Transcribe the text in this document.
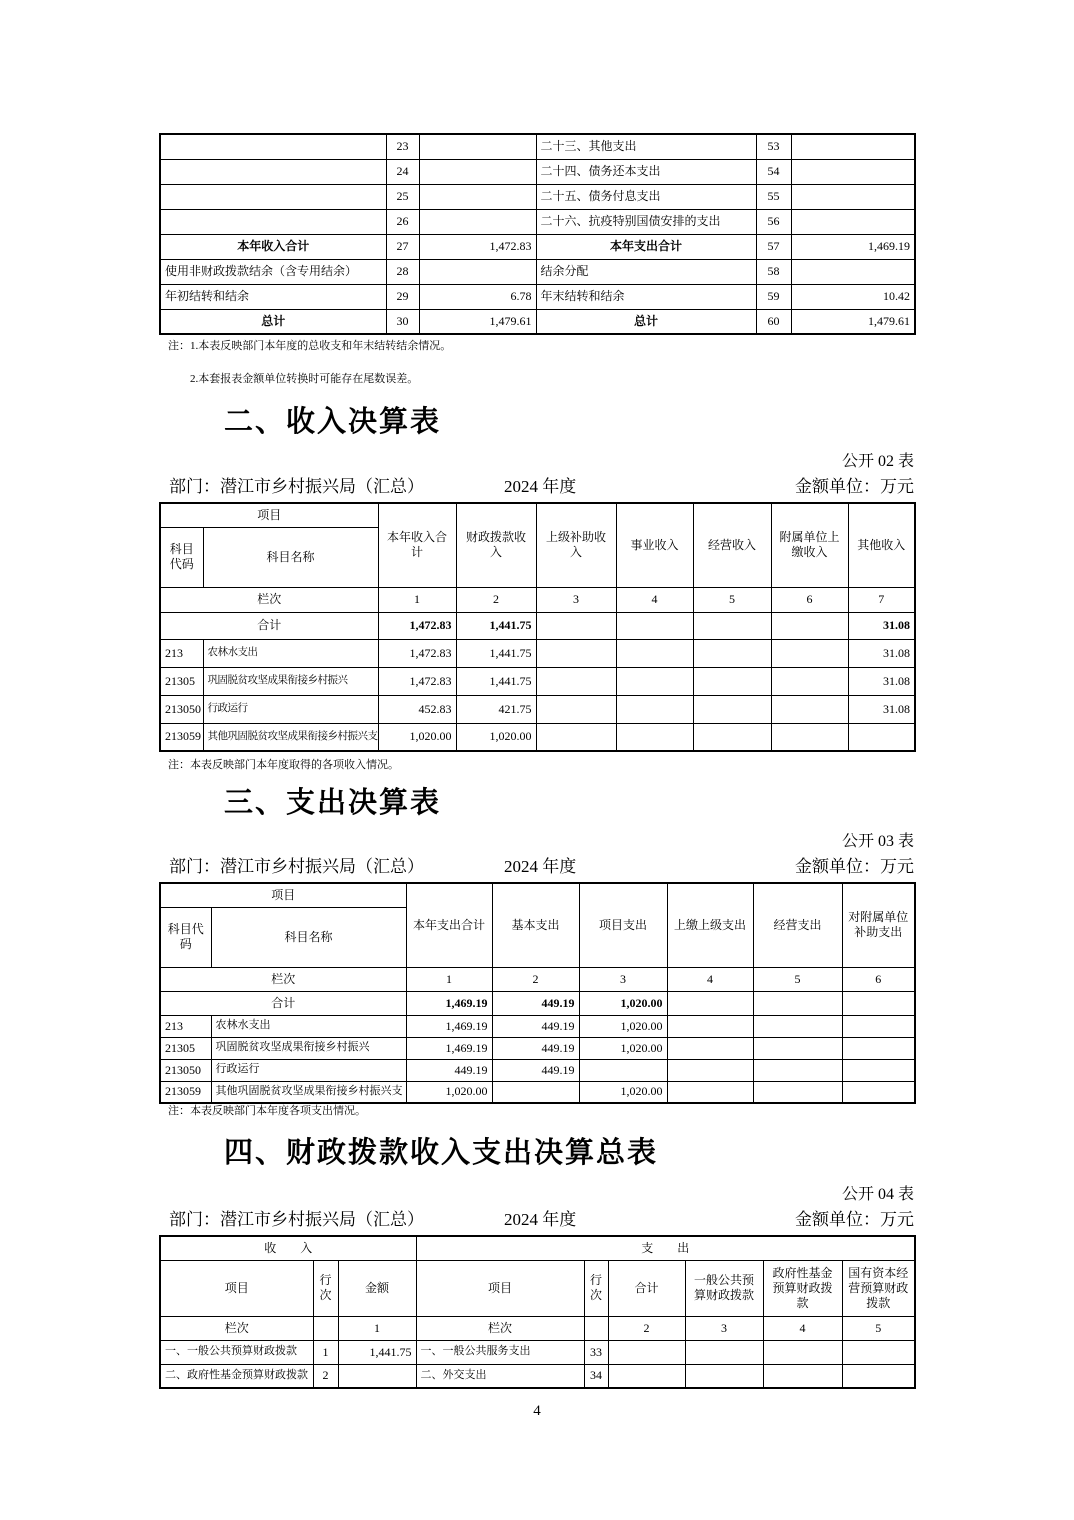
	23		二十三、其他支出	53	
	24		二十四、债务还本支出	54	
	25		二十五、债务付息支出	55	
	26		二十六、抗疫特别国债安排的支出	56	
本年收入合计	27	1,472.83	本年支出合计	57	1,469.19
使用非财政拨款结余（含专用结余）	28		结余分配	58	
年初结转和结余	29	6.78	年末结转和结余	59	10.42
总计	30	1,479.61	总计	60	1,479.61
注：1.本表反映部门本年度的总收支和年末结转结余情况。
2.本套报表金额单位转换时可能存在尾数误差。
二、收入决算表
公开 02 表
部门：潜江市乡村振兴局（汇总）	2024 年度	金额单位：万元
项目		本年收入合计	财政拨款收入	上级补助收入	事业收入	经营收入	附属单位上缴收入	其他收入
科目代码	科目名称							
栏次		1	2	3	4	5	6	7
合计		1,472.83	1,441.75					31.08
213	农林水支出	1,472.83	1,441.75					31.08
21305	巩固脱贫攻坚成果衔接乡村振兴	1,472.83	1,441.75					31.08
213050	行政运行	452.83	421.75					31.08
213059	其他巩固脱贫攻坚成果衔接乡村振兴支	1,020.00	1,020.00					
注：本表反映部门本年度取得的各项收入情况。
三、支出决算表
公开 03 表
部门：潜江市乡村振兴局（汇总）	2024 年度	金额单位：万元
项目		本年支出合计	基本支出	项目支出	上缴上级支出	经营支出	对附属单位补助支出
科目代码	科目名称						
栏次		1	2	3	4	5	6
合计		1,469.19	449.19	1,020.00			
213	农林水支出	1,469.19	449.19	1,020.00			
21305	巩固脱贫攻坚成果衔接乡村振兴	1,469.19	449.19	1,020.00			
213050	行政运行	449.19	449.19				
213059	其他巩固脱贫攻坚成果衔接乡村振兴支	1,020.00		1,020.00			
注：本表反映部门本年度各项支出情况。
四、财政拨款收入支出决算总表
公开 04 表
部门：潜江市乡村振兴局（汇总）	2024 年度	金额单位：万元
收　　入			支　　出					
项目	行次	金额	项目	行次	合计	一般公共预算财政拨款	政府性基金预算财政拨款	国有资本经营预算财政拨款
栏次		1	栏次		2	3	4	5
一、一般公共预算财政拨款	1	1,441.75	一、一般公共服务支出	33				
二、政府性基金预算财政拨款	2		二、外交支出	34				
4
